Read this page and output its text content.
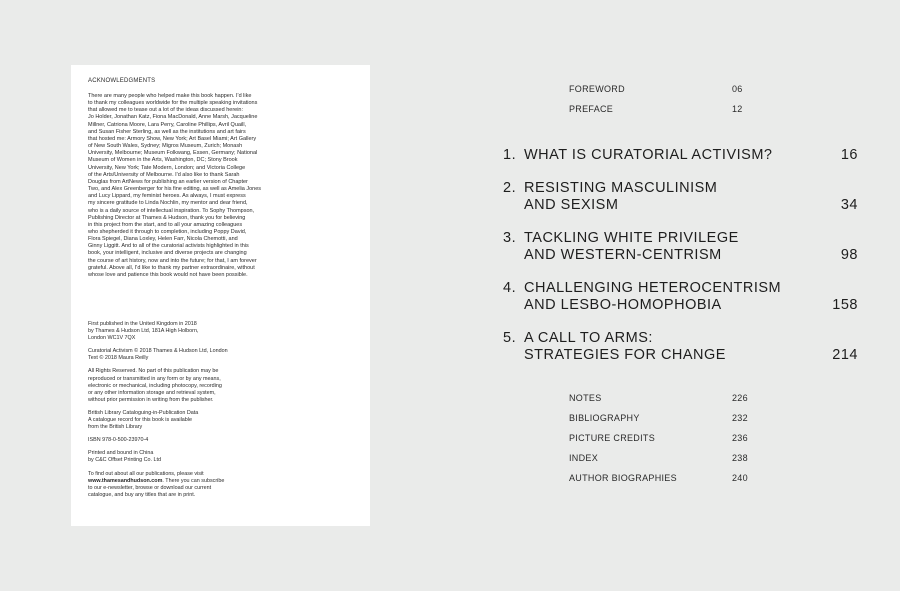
ACKNOWLEDGMENTS
There are many people who helped make this book happen. I'd like
to thank my colleagues worldwide for the multiple speaking invitations
that allowed me to tease out a lot of the ideas discussed herein:
Jo Holder, Jonathan Katz, Fiona MacDonald, Anne Marsh, Jacqueline
Millner, Catriona Moore, Lara Perry, Caroline Phillips, Avril Quaill,
and Susan Fisher Sterling, as well as the institutions and art fairs
that hosted me: Armory Show, New York; Art Basel Miami; Art Gallery
of New South Wales, Sydney; Migros Museum, Zurich; Monash
University, Melbourne; Museum Folkwang, Essen, Germany; National
Museum of Women in the Arts, Washington, DC; Stony Brook
University, New York; Tate Modern, London; and Victoria College
of the Arts/University of Melbourne. I'd also like to thank Sarah
Douglas from ArtNews for publishing an earlier version of Chapter
Two, and Alex Greenberger for his fine editing, as well as Amelia Jones
and Lucy Lippard, my feminist heroes. As always, I must express
my sincere gratitude to Linda Nochlin, my mentor and dear friend,
who is a daily source of intellectual inspiration. To Sophy Thompson,
Publishing Director at Thames & Hudson, thank you for believing
in this project from the start, and to all your amazing colleagues
who shepherded it through to completion, including Poppy David,
Flora Spiegel, Diana Loxley, Helen Farr, Nicola Chemotti, and
Ginny Liggitt. And to all of the curatorial activists highlighted in this
book, your intelligent, inclusive and diverse projects are changing
the course of art history, now and into the future; for that, I am forever
grateful. Above all, I'd like to thank my partner extraordinaire, without
whose love and patience this book would not have been possible.
First published in the United Kingdom in 2018
by Thames & Hudson Ltd, 181A High Holborn,
London WC1V 7QX
Curatorial Activism © 2018 Thames & Hudson Ltd, London
Text © 2018 Maura Reilly
All Rights Reserved. No part of this publication may be
reproduced or transmitted in any form or by any means,
electronic or mechanical, including photocopy, recording
or any other information storage and retrieval system,
without prior permission in writing from the publisher.
British Library Cataloguing-in-Publication Data
A catalogue record for this book is available
from the British Library
ISBN 978-0-500-23970-4
Printed and bound in China
by C&C Offset Printing Co. Ltd
To find out about all our publications, please visit
www.thamesandhudson.com. There you can subscribe
to our e-newsletter, browse or download our current
catalogue, and buy any titles that are in print.
FOREWORD	06
PREFACE	12
1. WHAT IS CURATORIAL ACTIVISM?	16
2. RESISTING MASCULINISM
AND SEXISM	34
3. TACKLING WHITE PRIVILEGE
AND WESTERN-CENTRISM	98
4. CHALLENGING HETEROCENTRISM
AND LESBO-HOMOPHOBIA	158
5. A CALL TO ARMS:
STRATEGIES FOR CHANGE	214
NOTES	226
BIBLIOGRAPHY	232
PICTURE CREDITS	236
INDEX	238
AUTHOR BIOGRAPHIES	240
